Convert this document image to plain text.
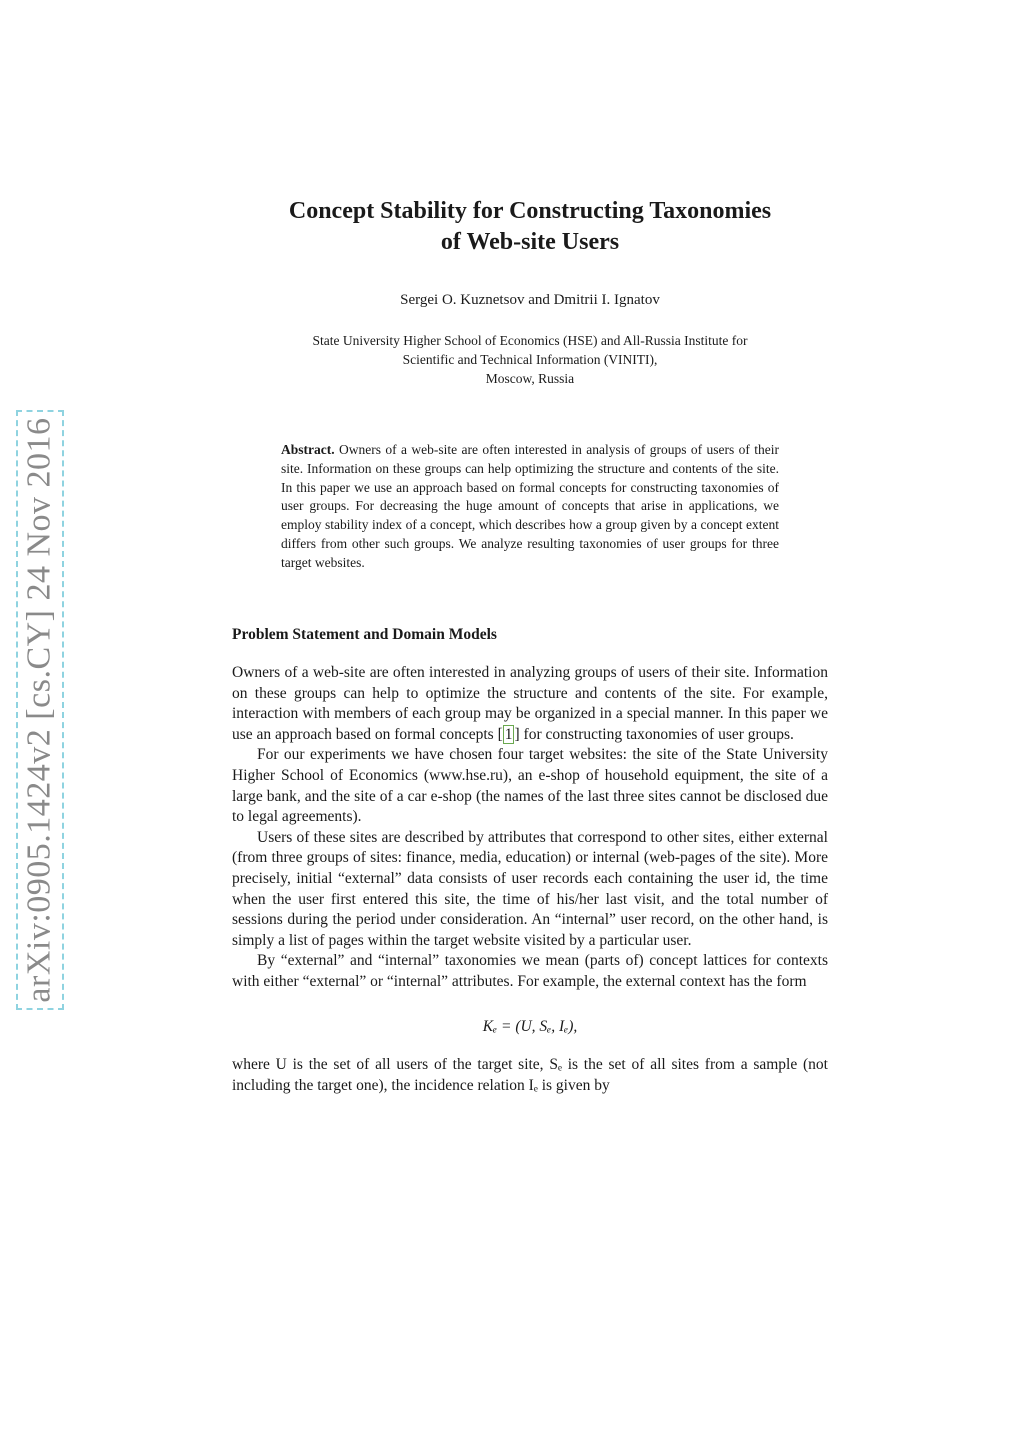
arXiv:0905.1424v2 [cs.CY] 24 Nov 2016
Concept Stability for Constructing Taxonomies
of Web-site Users
Sergei O. Kuznetsov and Dmitrii I. Ignatov
State University Higher School of Economics (HSE) and All-Russia Institute for
Scientific and Technical Information (VINITI),
Moscow, Russia
Abstract. Owners of a web-site are often interested in analysis of groups of users of their site. Information on these groups can help optimizing the structure and contents of the site. In this paper we use an approach based on formal concepts for constructing taxonomies of user groups. For decreasing the huge amount of concepts that arise in applications, we employ stability index of a concept, which describes how a group given by a concept extent differs from other such groups. We analyze resulting taxonomies of user groups for three target websites.
Problem Statement and Domain Models

Owners of a web-site are often interested in analyzing groups of users of their site. Information on these groups can help to optimize the structure and contents of the site. For example, interaction with members of each group may be organized in a special manner. In this paper we use an approach based on formal concepts [ 1 ] for constructing taxonomies of user groups.

For our experiments we have chosen four target websites: the site of the State University Higher School of Economics (www.hse.ru), an e-shop of household equipment, the site of a large bank, and the site of a car e-shop (the names of the last three sites cannot be disclosed due to legal agreements).

Users of these sites are described by attributes that correspond to other sites, either external (from three groups of sites: finance, media, education) or internal (web-pages of the site). More precisely, initial “external” data consists of user records each containing the user id, the time when the user first entered this site, the time of his/her last visit, and the total number of sessions during the period under consideration. An “internal” user record, on the other hand, is simply a list of pages within the target website visited by a particular user.

By “external” and “internal” taxonomies we mean (parts of) concept lattices for contexts with either “external” or “internal” attributes. For example, the external context has the form

Kₑ = (U, Sₑ, Iₑ),

where U is the set of all users of the target site, Sₑ is the set of all sites from a sample (not including the target one), the incidence relation Iₑ is given by
